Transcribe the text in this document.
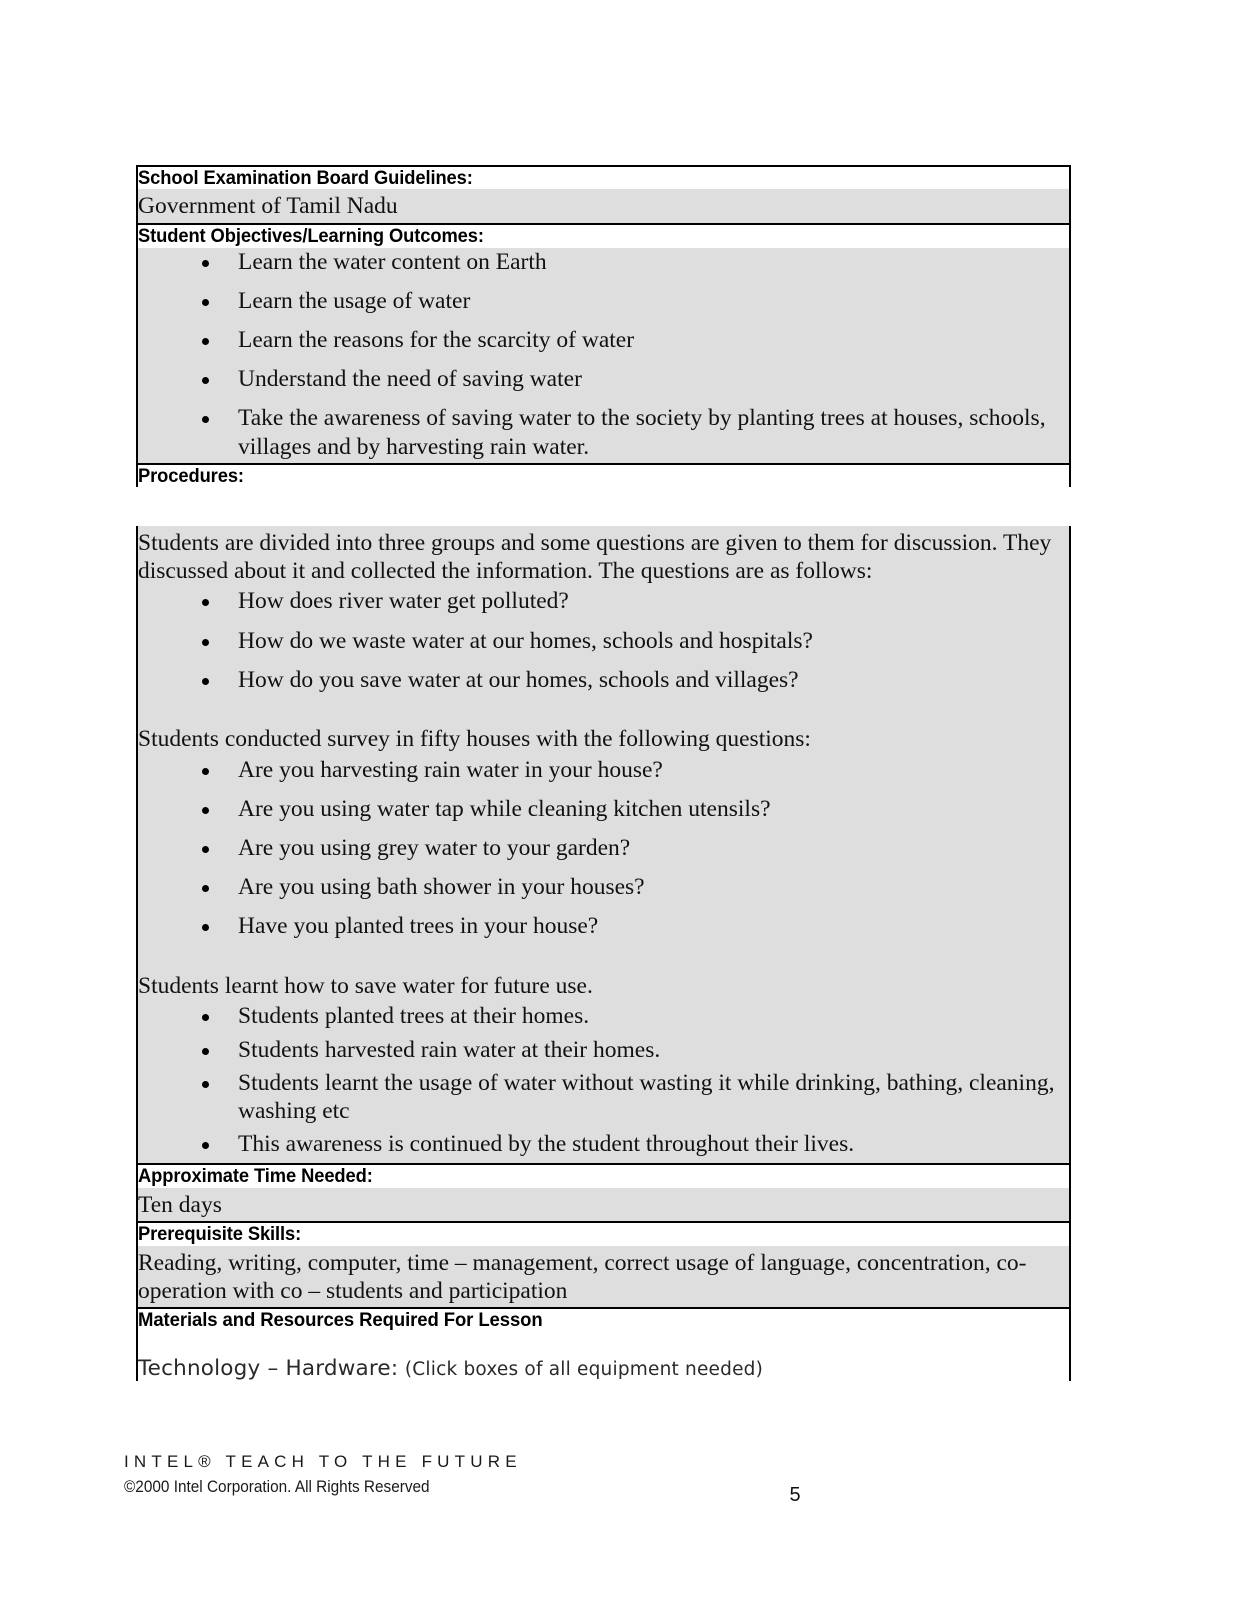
School Examination Board Guidelines:

Government of Tamil Nadu

Student Objectives/Learning Outcomes:

Learn the water content on Earth
Learn the usage of water
Learn the reasons for the scarcity of water
Understand the need of saving water
Take the awareness of saving water to the society by planting trees at houses, schools, villages and by harvesting rain water.

Procedures:

Students are divided into three groups and some questions are given to them for discussion. They discussed about it and collected the information. The questions are as follows:

How does river water get polluted?
How do we waste water at our homes, schools and hospitals?
How do you save water at our homes, schools and villages?

Students conducted survey in fifty houses with the following questions:

Are you harvesting rain water in your house?
Are you using water tap while cleaning kitchen utensils?
Are you using grey water to your garden?
Are you using bath shower in your houses?
Have you planted trees in your house?

Students learnt how to save water for future use.

Students planted trees at their homes.
Students harvested rain water at their homes.
Students learnt the usage of water without wasting it while drinking, bathing, cleaning, washing etc
This awareness is continued by the student throughout their lives.

Approximate Time Needed:

Ten days

Prerequisite Skills:

Reading, writing, computer, time – management, correct usage of language, concentration, co-operation with co – students and participation

Materials and Resources Required For Lesson
Technology – Hardware: (Click boxes of all equipment needed)
INTEL® TEACH TO THE FUTURE
©2000 Intel Corporation. All Rights Reserved	5
